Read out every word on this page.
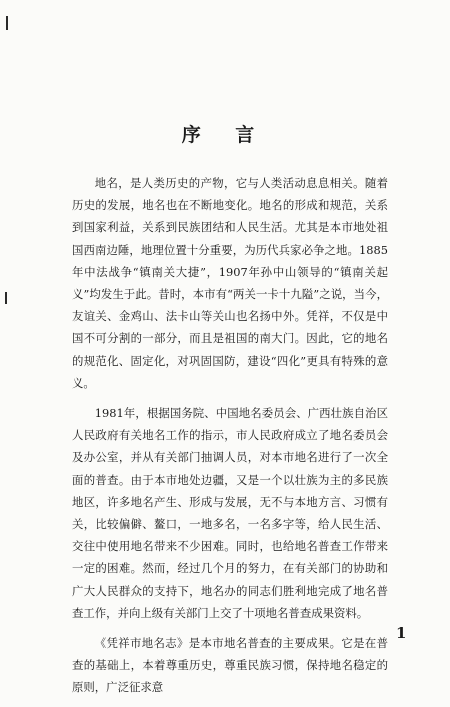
序 言

地名，是人类历史的产物，它与人类活动息息相关。随着历史的发展，地名也在不断地变化。地名的形成和规范，关系到国家利益，关系到民族团结和人民生活。尤其是本市地处祖国西南边陲，地理位置十分重要，为历代兵家必争之地。1885年中法战争“镇南关大捷”，1907年孙中山领导的“镇南关起义”均发生于此。昔时，本市有“两关一卡十九隘”之说，当今，友谊关、金鸡山、法卡山等关山也名扬中外。凭祥，不仅是中国不可分割的一部分，而且是祖国的南大门。因此，它的地名的规范化、固定化，对巩固国防，建设“四化”更具有特殊的意义。

1981年，根据国务院、中国地名委员会、广西壮族自治区人民政府有关地名工作的指示，市人民政府成立了地名委员会及办公室，并从有关部门抽调人员，对本市地名进行了一次全面的普查。由于本市地处边疆，又是一个以壮族为主的多民族地区，许多地名产生、形成与发展，无不与本地方言、习惯有关，比较偏僻、鳌口，一地多名，一名多字等，给人民生活、交往中使用地名带来不少困难。同时，也给地名普查工作带来一定的困难。然而，经过几个月的努力，在有关部门的协助和广大人民群众的支持下，地名办的同志们胜利地完成了地名普查工作，并向上级有关部门上交了十项地名普查成果资料。

《凭祥市地名志》是本市地名普查的主要成果。它是在普查的基础上，本着尊重历史，尊重民族习惯，保持地名稳定的原则，广泛征求意

1
